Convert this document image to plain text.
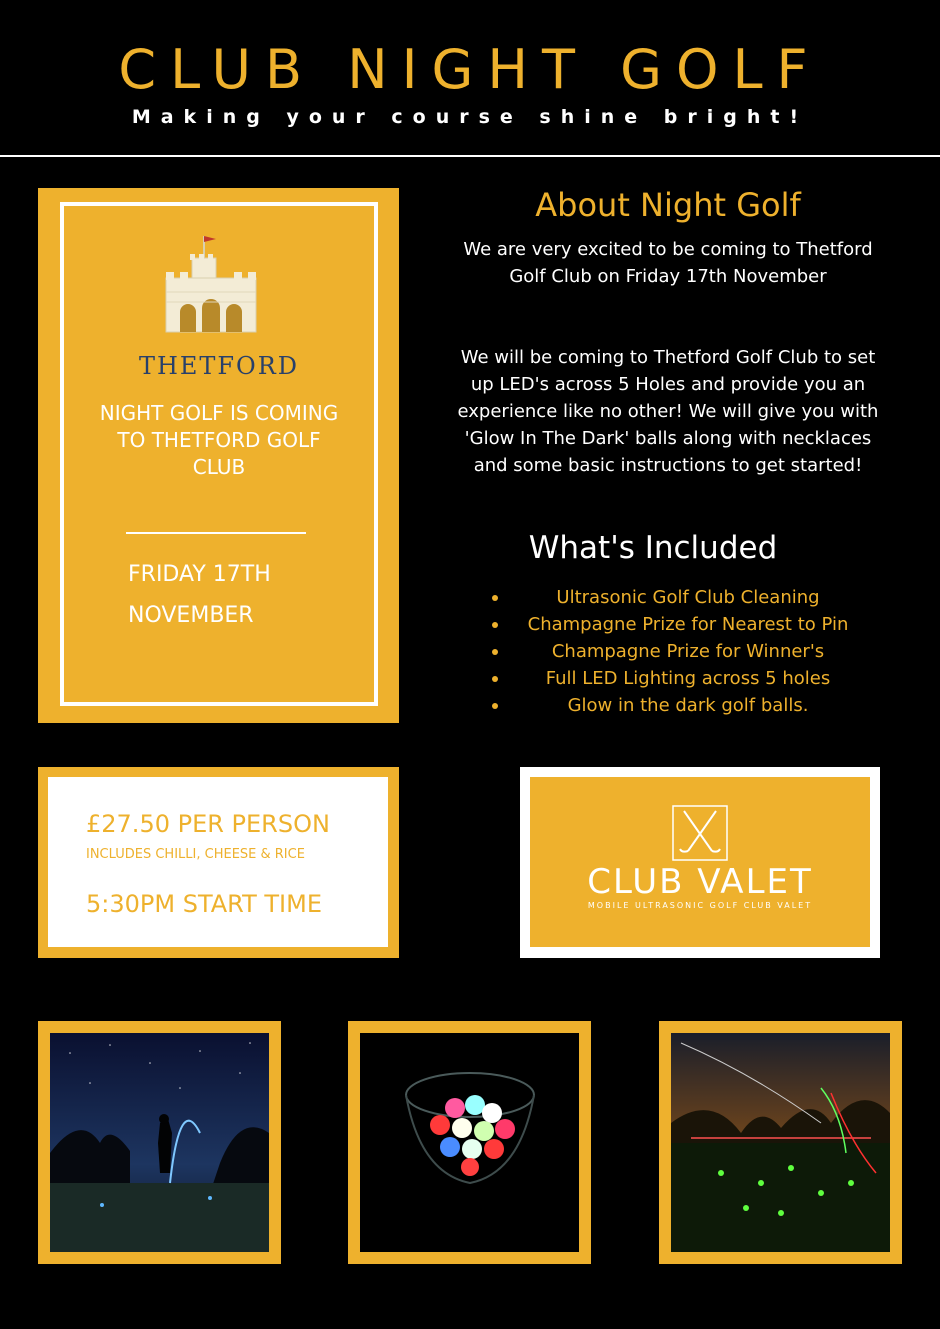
CLUB NIGHT GOLF
Making your course shine bright!
THETFORD
NIGHT GOLF IS COMING TO THETFORD GOLF CLUB
FRIDAY 17TH
NOVEMBER
About Night Golf
We are very excited to be coming to Thetford Golf Club on Friday 17th November
We will be coming to Thetford Golf Club to set up LED's across 5 Holes and provide you an experience like no other! We will give you with 'Glow In The Dark' balls along with necklaces and some basic instructions to get started!
What's Included
Ultrasonic Golf Club Cleaning
Champagne Prize for Nearest to Pin
Champagne Prize for Winner's
Full LED Lighting across 5 holes
Glow in the dark golf balls.
£27.50 PER PERSON
INCLUDES CHILLI, CHEESE & RICE
5:30PM START TIME
CLUB VALET
MOBILE ULTRASONIC GOLF CLUB VALET
